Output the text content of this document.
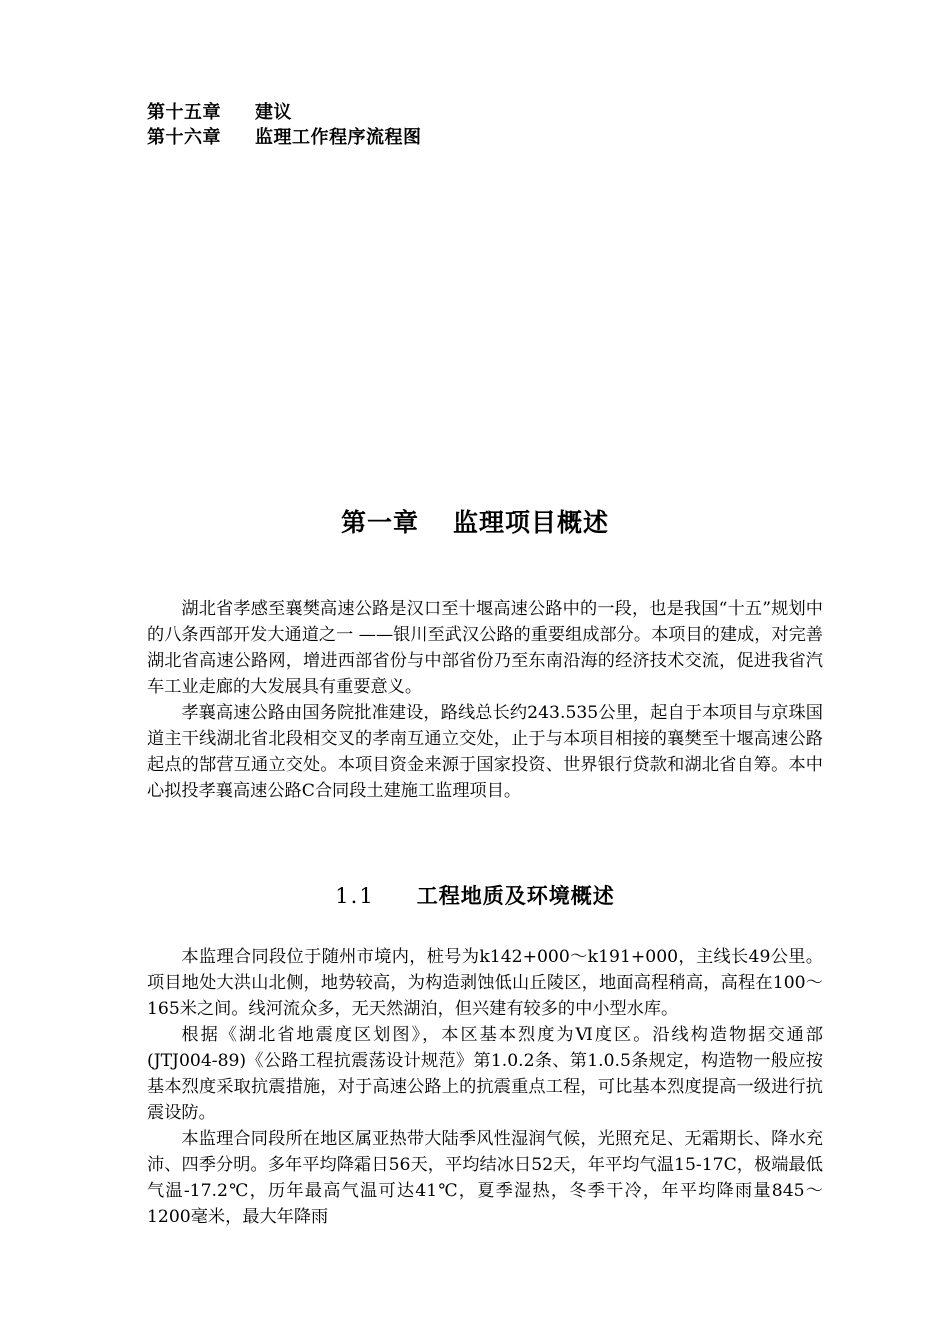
第十五章 建议
第十六章 监理工作程序流程图
第一章 监理项目概述

湖北省孝感至襄樊高速公路是汉口至十堰高速公路中的一段，也是我国“十五”规划中的八条西部开发大通道之一 ——银川至武汉公路的重要组成部分。本项目的建成，对完善湖北省高速公路网，增进西部省份与中部省份乃至东南沿海的经济技术交流，促进我省汽车工业走廊的大发展具有重要意义。

孝襄高速公路由国务院批准建设，路线总长约243.535公里，起自于本项目与京珠国道主干线湖北省北段相交叉的孝南互通立交处，止于与本项目相接的襄樊至十堰高速公路起点的郜营互通立交处。本项目资金来源于国家投资、世界银行贷款和湖北省自筹。本中心拟投孝襄高速公路C合同段土建施工监理项目。

1.1 工程地质及环境概述

本监理合同段位于随州市境内，桩号为k142+000～k191+000，主线长49公里。项目地处大洪山北侧，地势较高，为构造剥蚀低山丘陵区，地面高程稍高，高程在100～165米之间。线河流众多，无天然湖泊，但兴建有较多的中小型水库。

根据《湖北省地震度区划图》，本区基本烈度为Ⅵ度区。沿线构造物据交通部 (JTJ004-89)《公路工程抗震荡设计规范》第1.0.2条、第1.0.5条规定，构造物一般应按基本烈度采取抗震措施，对于高速公路上的抗震重点工程，可比基本烈度提高一级进行抗震设防。

本监理合同段所在地区属亚热带大陆季风性湿润气候，光照充足、无霜期长、降水充沛、四季分明。多年平均降霜日56天，平均结冰日52天，年平均气温15-17C，极端最低气温-17.2℃，历年最高气温可达41℃，夏季湿热，冬季干冷，年平均降雨量845～1200毫米，最大年降雨
